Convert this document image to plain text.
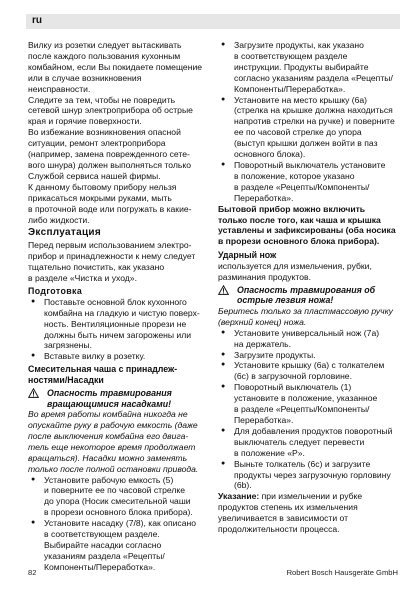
ru

Вилку из розетки следует вытаскивать
после каждого пользования кухонным
комбайном, если Вы покидаете помещение
или в случае возникновения
неисправности.
Следите за тем, чтобы не повредить
сетевой шнур электроприбора об острые
края и горячие поверхности.
Во избежание возникновения опасной
ситуации, ремонт электроприбора
(например, замена поврежденного сете-
вого шнура) должен выполняться только
Службой сервиса нашей фирмы.
К данному бытовому прибору нельзя
прикасаться мокрыми руками, мыть
в проточной воде или погружать в какие-
либо жидкости.

Эксплуатация

Перед первым использованием электро-
прибор и принадлежности к нему следует
тщательно почистить, как указано
в разделе «Чистка и уход».

Подготовка
● Поставьте основной блок кухонного
комбайна на гладкую и чистую поверх-
ность. Вентиляционные прорези не
должны быть ничем загорожены или
загрязнены.
● Вставьте вилку в розетку.
Смесительная чаша с принадлеж-
ностями/Насадки
Опасность травмирования
вращающимися насадками!

Во время работы комбайна никогда не
опускайте руку в рабочую емкость (даже
после выключения комбайна его двига-
тель еще некоторое время продолжает
вращаться). Насадки можно заменять
только после полной остановки привода.

● Установите рабочую емкость (5)
и поверните ее по часовой стрелке
до упора (Носик смесительной чаши
в прорези основного блока прибора).
● Установите насадку (7/8), как описано
в соответствующем разделе.
Выбирайте насадки согласно
указаниям раздела «Рецепты/
Компоненты/Переработка».
● Загрузите продукты, как указано
в соответствующем разделе
инструкции. Продукты выбирайте
согласно указаниям раздела «Рецепты/
Компоненты/Переработка».
● Установите на место крышку (6а)
(стрелка на крышке должна находиться
напротив стрелки на ручке) и поверните
ее по часовой стрелке до упора
(выступ крышки должен войти в паз
основного блока).
● Поворотный выключатель установите
в положение, которое указано
в разделе «Рецепты/Компоненты/
Переработка».

Бытовой прибор можно включить
только после того, как чаша и крышка
уставлены и зафиксированы (оба носика
в прорези основного блока прибора).

Ударный нож

используется для измельчения, рубки,
разминания продуктов.

Опасность травмирования об
острые лезвия ножа!

Беритесь только за пластмассовую ручку
(верхний конец) ножа.

● Установите универсальный нож (7а)
на держатель.
● Загрузите продукты.
● Установите крышку (6а) с толкателем
(6с) в загрузочной горловине.
● Поворотный выключатель (1)
установите в положение, указанное
в разделе «Рецепты/Компоненты/
Переработка».
● Для добавления продуктов поворотный
выключатель следует перевести
в положение «P».
● Выньте толкатель (6с) и загрузите
продукты через загрузочную горловину
(6b).

Указание: при измельчении и рубке
продуктов степень их измельчения
увеличивается в зависимости от
продолжительности процесса.

82	Robert Bosch Hausgeräte GmbH
